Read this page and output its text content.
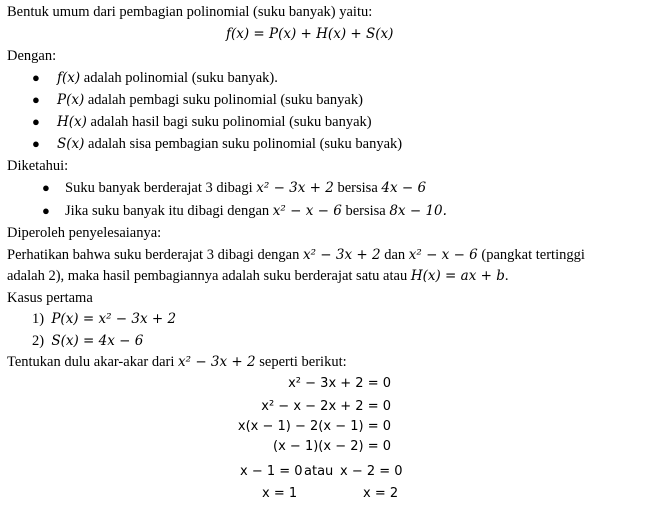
Bentuk umum dari pembagian polinomial (suku banyak) yaitu:
f(x) = P(x) + H(x) + S(x)
Dengan:
● f(x) adalah polinomial (suku banyak).
● P(x) adalah pembagi suku polinomial (suku banyak)
● H(x) adalah hasil bagi suku polinomial (suku banyak)
● S(x) adalah sisa pembagian suku polinomial (suku banyak)
Diketahui:
● Suku banyak berderajat 3 dibagi x² − 3x + 2 bersisa 4x − 6
● Jika suku banyak itu dibagi dengan x² − x − 6 bersisa 8x − 10.
Diperoleh penyelesaianya:
Perhatikan bahwa suku berderajat 3 dibagi dengan x² − 3x + 2 dan x² − x − 6 (pangkat tertinggi
adalah 2), maka hasil pembagiannya adalah suku berderajat satu atau H(x) = ax + b.
Kasus pertama
1) P(x) = x² − 3x + 2
2) S(x) = 4x − 6
Tentukan dulu akar-akar dari x² − 3x + 2 seperti berikut:
x² − 3x + 2 = 0
x² − x − 2x + 2 = 0
x(x − 1) − 2(x − 1) = 0
(x − 1)(x − 2) = 0
x − 1 = 0 atau x − 2 = 0
x = 1	x = 2
